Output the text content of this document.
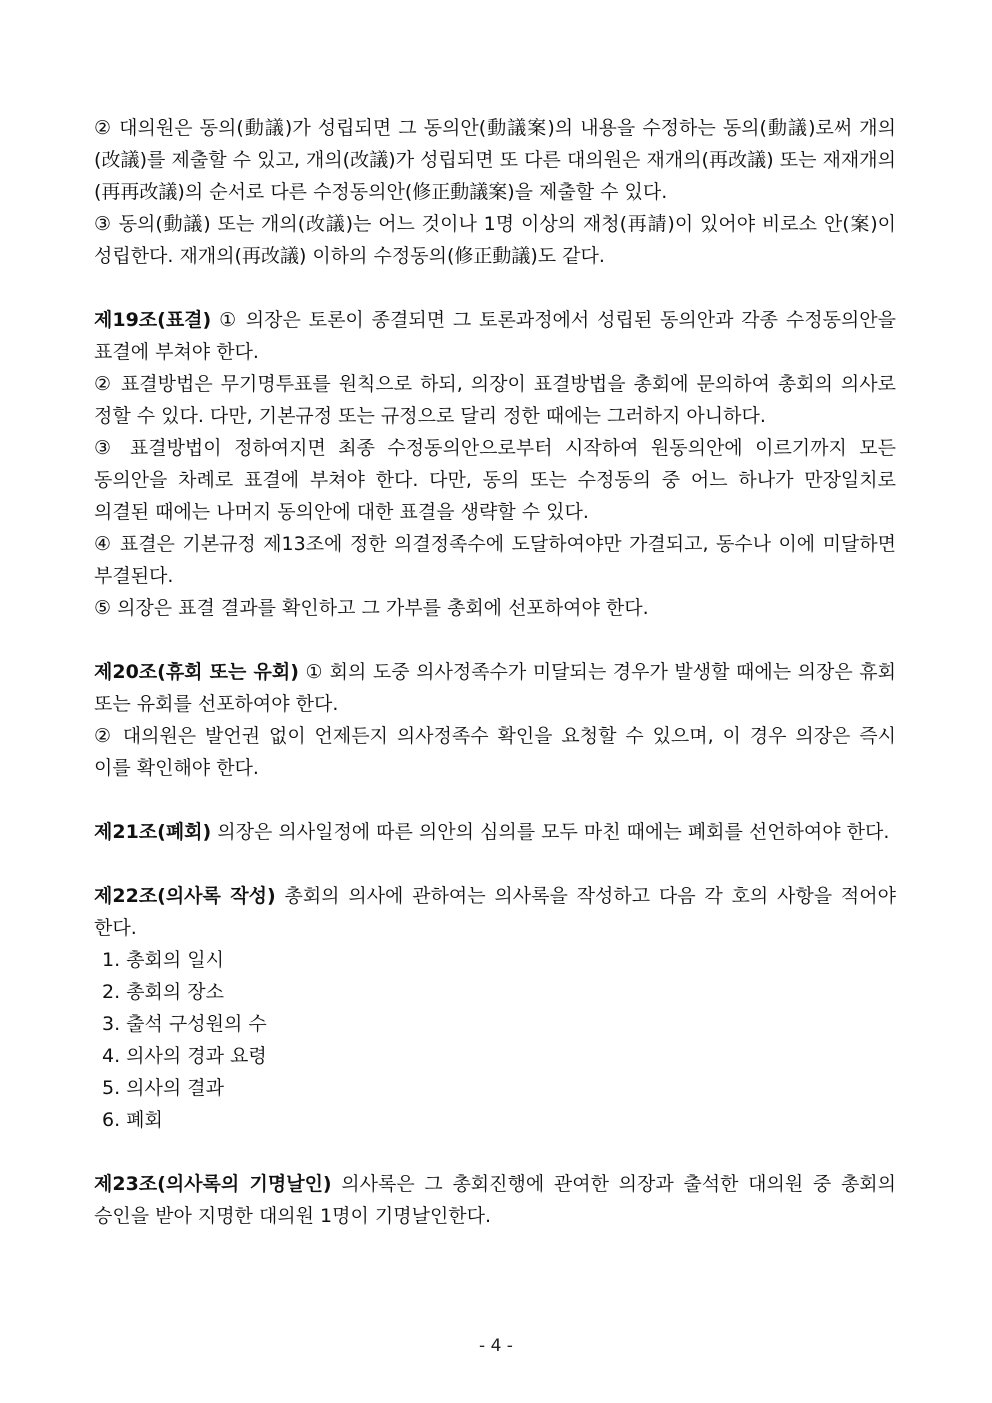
② 대의원은 동의(動議)가 성립되면 그 동의안(動議案)의 내용을 수정하는 동의(動議)로써 개의(改議)를 제출할 수 있고, 개의(改議)가 성립되면 또 다른 대의원은 재개의(再改議) 또는 재재개의(再再改議)의 순서로 다른 수정동의안(修正動議案)을 제출할 수 있다.

③ 동의(動議) 또는 개의(改議)는 어느 것이나 1명 이상의 재청(再請)이 있어야 비로소 안(案)이 성립한다. 재개의(再改議) 이하의 수정동의(修正動議)도 같다.

제19조(표결) ① 의장은 토론이 종결되면 그 토론과정에서 성립된 동의안과 각종 수정동의안을 표결에 부쳐야 한다.

② 표결방법은 무기명투표를 원칙으로 하되, 의장이 표결방법을 총회에 문의하여 총회의 의사로 정할 수 있다. 다만, 기본규정 또는 규정으로 달리 정한 때에는 그러하지 아니하다.

③ 표결방법이 정하여지면 최종 수정동의안으로부터 시작하여 원동의안에 이르기까지 모든 동의안을 차례로 표결에 부쳐야 한다. 다만, 동의 또는 수정동의 중 어느 하나가 만장일치로 의결된 때에는 나머지 동의안에 대한 표결을 생략할 수 있다.

④ 표결은 기본규정 제13조에 정한 의결정족수에 도달하여야만 가결되고, 동수나 이에 미달하면 부결된다.

⑤ 의장은 표결 결과를 확인하고 그 가부를 총회에 선포하여야 한다.

제20조(휴회 또는 유회) ① 회의 도중 의사정족수가 미달되는 경우가 발생할 때에는 의장은 휴회 또는 유회를 선포하여야 한다.

② 대의원은 발언권 없이 언제든지 의사정족수 확인을 요청할 수 있으며, 이 경우 의장은 즉시 이를 확인해야 한다.

제21조(폐회) 의장은 의사일정에 따른 의안의 심의를 모두 마친 때에는 폐회를 선언하여야 한다.

제22조(의사록 작성) 총회의 의사에 관하여는 의사록을 작성하고 다음 각 호의 사항을 적어야 한다.

1. 총회의 일시
2. 총회의 장소
3. 출석 구성원의 수
4. 의사의 경과 요령
5. 의사의 결과
6. 폐회

제23조(의사록의 기명날인) 의사록은 그 총회진행에 관여한 의장과 출석한 대의원 중 총회의 승인을 받아 지명한 대의원 1명이 기명날인한다.

- 4 -
